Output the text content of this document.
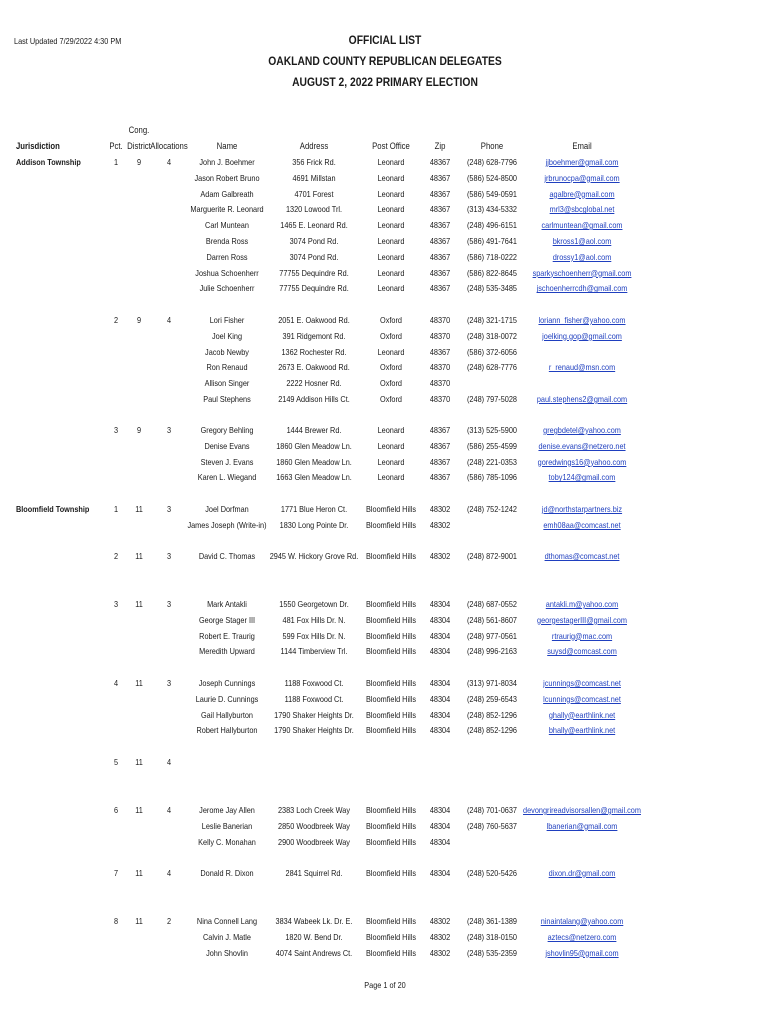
Last Updated 7/29/2022 4:30 PM	OFFICIAL LIST
OAKLAND COUNTY REPUBLICAN DELEGATES
AUGUST 2, 2022 PRIMARY ELECTION
Jurisdiction	Pct.
Cong.
District Allocations	Name	Address	Post Office	Zip	Phone	Email
Addison Township	1 9	4	John J. Boehmer	356 Frick Rd.	Leonard	48367 (248) 628-7796	jjboehmer@gmail.com
Jason Robert Bruno	4691 Millstan	Leonard	48367 (586) 524-8500	jrbrunocpa@gmail.com
Adam Galbreath	4701 Forest	Leonard	48367 (586) 549-0591	agalbre@gmail.com
Marguerite R. Leonard	1320 Lowood Trl.	Leonard	48367 (313) 434-5332	mrl3@sbcglobal.net
Carl Muntean	1465 E. Leonard Rd.	Leonard	48367 (248) 496-6151	carlmuntean@gmail.com
Brenda Ross	3074 Pond Rd.	Leonard	48367 (586) 491-7641	bkross1@aol.com
Darren Ross	3074 Pond Rd.	Leonard	48367 (586) 718-0222	drossy1@aol.com
Joshua Schoenherr 77755 Dequindre Rd.	Leonard	48367 (586) 822-8645 sparkyschoenherr@gmail.com
Julie Schoenherr	77755 Dequindre Rd.	Leonard	48367 (248) 535-3485 jschoenherrcdh@gmail.com
2 9	4	Lori Fisher	2051 E. Oakwood Rd.	Oxford	48370 (248) 321-1715	loriann_fisher@yahoo.com
Joel King	391 Ridgemont Rd.	Oxford	48370 (248) 318-0072	joelking.gop@gmail.com
Jacob Newby	1362 Rochester Rd.	Leonard	48367 (586) 372-6056
Ron Renaud	2673 E. Oakwood Rd.	Oxford	48370 (248) 628-7776	r_renaud@msn.com
Allison Singer	2222 Hosner Rd.	Oxford	48370
Paul Stephens	2149 Addison Hills Ct.	Oxford	48370 (248) 797-5028 paul.stephens2@gmail.com
3 9	3	Gregory Behling	1444 Brewer Rd.	Leonard	48367 (313) 525-5900	gregbdetel@yahoo.com
Denise Evans	1860 Glen Meadow Ln.	Leonard	48367 (586) 255-4599	denise.evans@netzero.net
Steven J. Evans	1860 Glen Meadow Ln.	Leonard	48367 (248) 221-0353 goredwings16@yahoo.com
Karen L. Wiegand 1663 Glen Meadow Ln.	Leonard	48367 (586) 785-1096	toby124@gmail.com
Bloomfield Township	1 11	3	Joel Dorfman	1771 Blue Heron Ct. Bloomfield Hills 48302 (248) 752-1242	jd@northstarpartners.biz
James Joseph (Write-in) 1830 Long Pointe Dr. Bloomfield Hills 48302	emh08aa@comcast.net
2 11	3	David C. Thomas 2945 W. Hickory Grove Rd. Bloomfield Hills 48302 (248) 872-9001	dthomas@comcast.net
3 11	3	Mark Antakli	1550 Georgetown Dr. Bloomfield Hills 48304 (248) 687-0552	antakli.m@yahoo.com
George Stager III	481 Fox Hills Dr. N. Bloomfield Hills 48304 (248) 561-8607 georgestagerIII@gmail.com
Robert E. Traurig	599 Fox Hills Dr. N. Bloomfield Hills 48304 (248) 977-0561	rtraurig@mac.com
Meredith Upward	1144 Timberview Trl. Bloomfield Hills 48304 (248) 996-2163	suysd@comcast.com
4 11	3	Joseph Cunnings	1188 Foxwood Ct.	Bloomfield Hills 48304 (313) 971-8034	jcunnings@comcast.net
Laurie D. Cunnings	1188 Foxwood Ct.	Bloomfield Hills 48304 (248) 259-6543	lcunnings@comcast.net
Gail Hallyburton 1790 Shaker Heights Dr. Bloomfield Hills 48304 (248) 852-1296	ghally@earthlink.net
Robert Hallyburton 1790 Shaker Heights Dr. Bloomfield Hills 48304 (248) 852-1296	bhally@earthlink.net
5 11	4
6 11	4	Jerome Jay Allen	2383 Loch Creek Way Bloomfield Hills 48304 (248) 701-0637 devongrireadvisorsallen@gmail.com
Leslie Banerian	2850 Woodbreek Way Bloomfield Hills 48304 (248) 760-5637	lbanerian@gmail.com
Kelly C. Monahan	2900 Woodbreek Way Bloomfield Hills 48304
7 11	4	Donald R. Dixon	2841 Squirrel Rd.	Bloomfield Hills 48304 (248) 520-5426	dixon.dr@gmail.com
8 11	2	Nina Connell Lang 3834 Wabeek Lk. Dr. E. Bloomfield Hills 48302 (248) 361-1389	ninaintalang@yahoo.com
Calvin J. Matle	1820 W. Bend Dr.	Bloomfield Hills 48302 (248) 318-0150	aztecs@netzero.com
John Shovlin	4074 Saint Andrews Ct. Bloomfield Hills 48302 (248) 535-2359	jshovlin95@gmail.com
Page 1 of 20
